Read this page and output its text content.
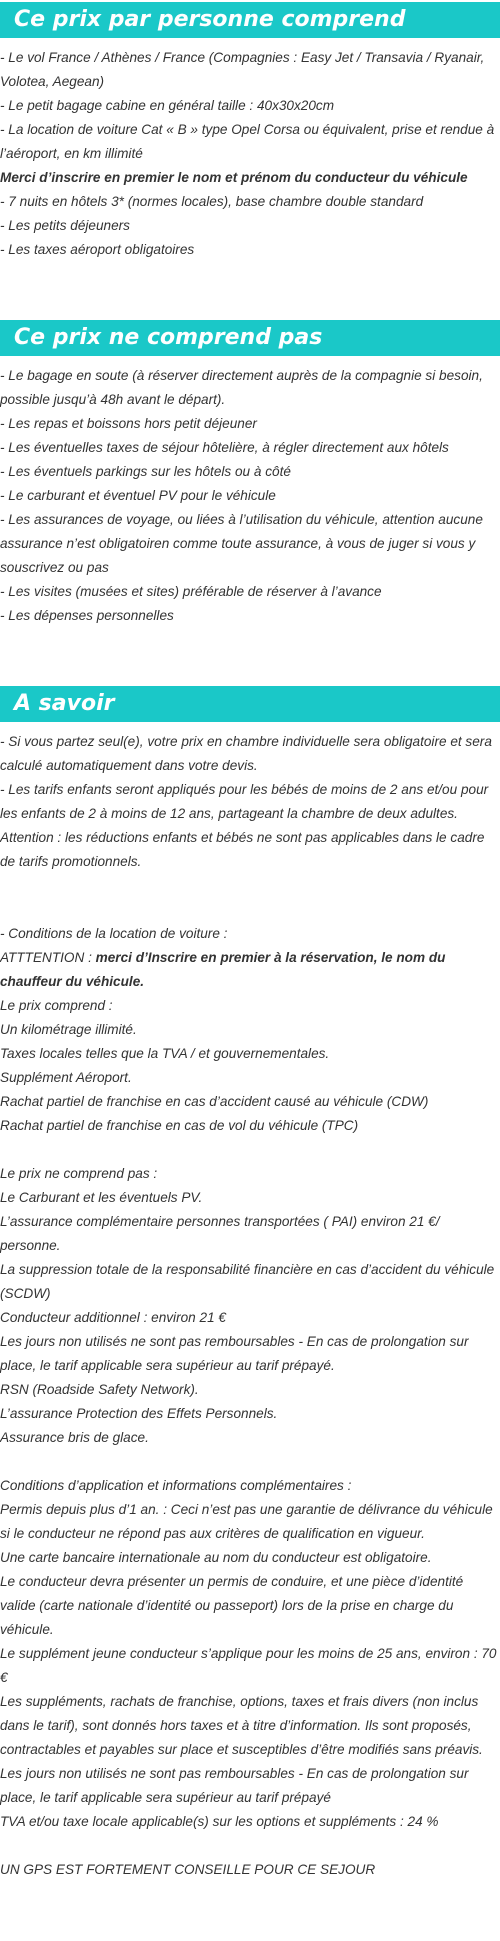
Ce prix par personne comprend
- Le vol France / Athènes / France (Compagnies : Easy Jet / Transavia / Ryanair, Volotea, Aegean)
- Le petit bagage cabine en général taille : 40x30x20cm
- La location de voiture Cat « B » type Opel Corsa ou équivalent, prise et rendue à l’aéroport, en km illimité
Merci d’inscrire en premier le nom et prénom du conducteur du véhicule
- 7 nuits en hôtels 3* (normes locales), base chambre double standard
- Les petits déjeuners
- Les taxes aéroport obligatoires
Ce prix ne comprend pas
- Le bagage en soute (à réserver directement auprès de la compagnie si besoin, possible jusqu’à 48h avant le départ).
- Les repas et boissons hors petit déjeuner
- Les éventuelles taxes de séjour hôtelière, à régler directement aux hôtels
- Les éventuels parkings sur les hôtels ou à côté
- Le carburant et éventuel PV pour le véhicule
- Les assurances de voyage, ou liées à l’utilisation du véhicule, attention aucune assurance n’est obligatoiren comme toute assurance, à vous de juger si vous y souscrivez ou pas
- Les visites (musées et sites) préférable de réserver à l’avance
- Les dépenses personnelles
A savoir
- Si vous partez seul(e), votre prix en chambre individuelle sera obligatoire et sera calculé automatiquement dans votre devis.
- Les tarifs enfants seront appliqués pour les bébés de moins de 2 ans et/ou pour les enfants de 2 à moins de 12 ans, partageant la chambre de deux adultes.
Attention : les réductions enfants et bébés ne sont pas applicables dans le cadre de tarifs promotionnels.
- Conditions de la location de voiture :
ATTTENTION : merci d’Inscrire en premier à la réservation, le nom du chauffeur du véhicule.
Le prix comprend :
Un kilométrage illimité.
Taxes locales telles que la TVA / et gouvernementales.
Supplément Aéroport.
Rachat partiel de franchise en cas d’accident causé au véhicule (CDW)
Rachat partiel de franchise en cas de vol du véhicule (TPC)
Le prix ne comprend pas :
Le Carburant et les éventuels PV.
L’assurance complémentaire personnes transportées ( PAI) environ 21 €/ personne.
La suppression totale de la responsabilité financière en cas d’accident du véhicule (SCDW)
Conducteur additionnel : environ 21 €
Les jours non utilisés ne sont pas remboursables - En cas de prolongation sur place, le tarif applicable sera supérieur au tarif prépayé.
RSN (Roadside Safety Network).
L’assurance Protection des Effets Personnels.
Assurance bris de glace.
Conditions d’application et informations complémentaires :
Permis depuis plus d’1 an. : Ceci n’est pas une garantie de délivrance du véhicule si le conducteur ne répond pas aux critères de qualification en vigueur.
Une carte bancaire internationale au nom du conducteur est obligatoire.
Le conducteur devra présenter un permis de conduire, et une pièce d’identité valide (carte nationale d’identité ou passeport) lors de la prise en charge du véhicule.
Le supplément jeune conducteur s’applique pour les moins de 25 ans, environ : 70 €
Les suppléments, rachats de franchise, options, taxes et frais divers (non inclus dans le tarif), sont donnés hors taxes et à titre d’information. Ils sont proposés, contractables et payables sur place et susceptibles d’être modifiés sans préavis.
Les jours non utilisés ne sont pas remboursables - En cas de prolongation sur place, le tarif applicable sera supérieur au tarif prépayé
TVA et/ou taxe locale applicable(s) sur les options et suppléments : 24 %
UN GPS EST FORTEMENT CONSEILLE POUR CE SEJOUR
